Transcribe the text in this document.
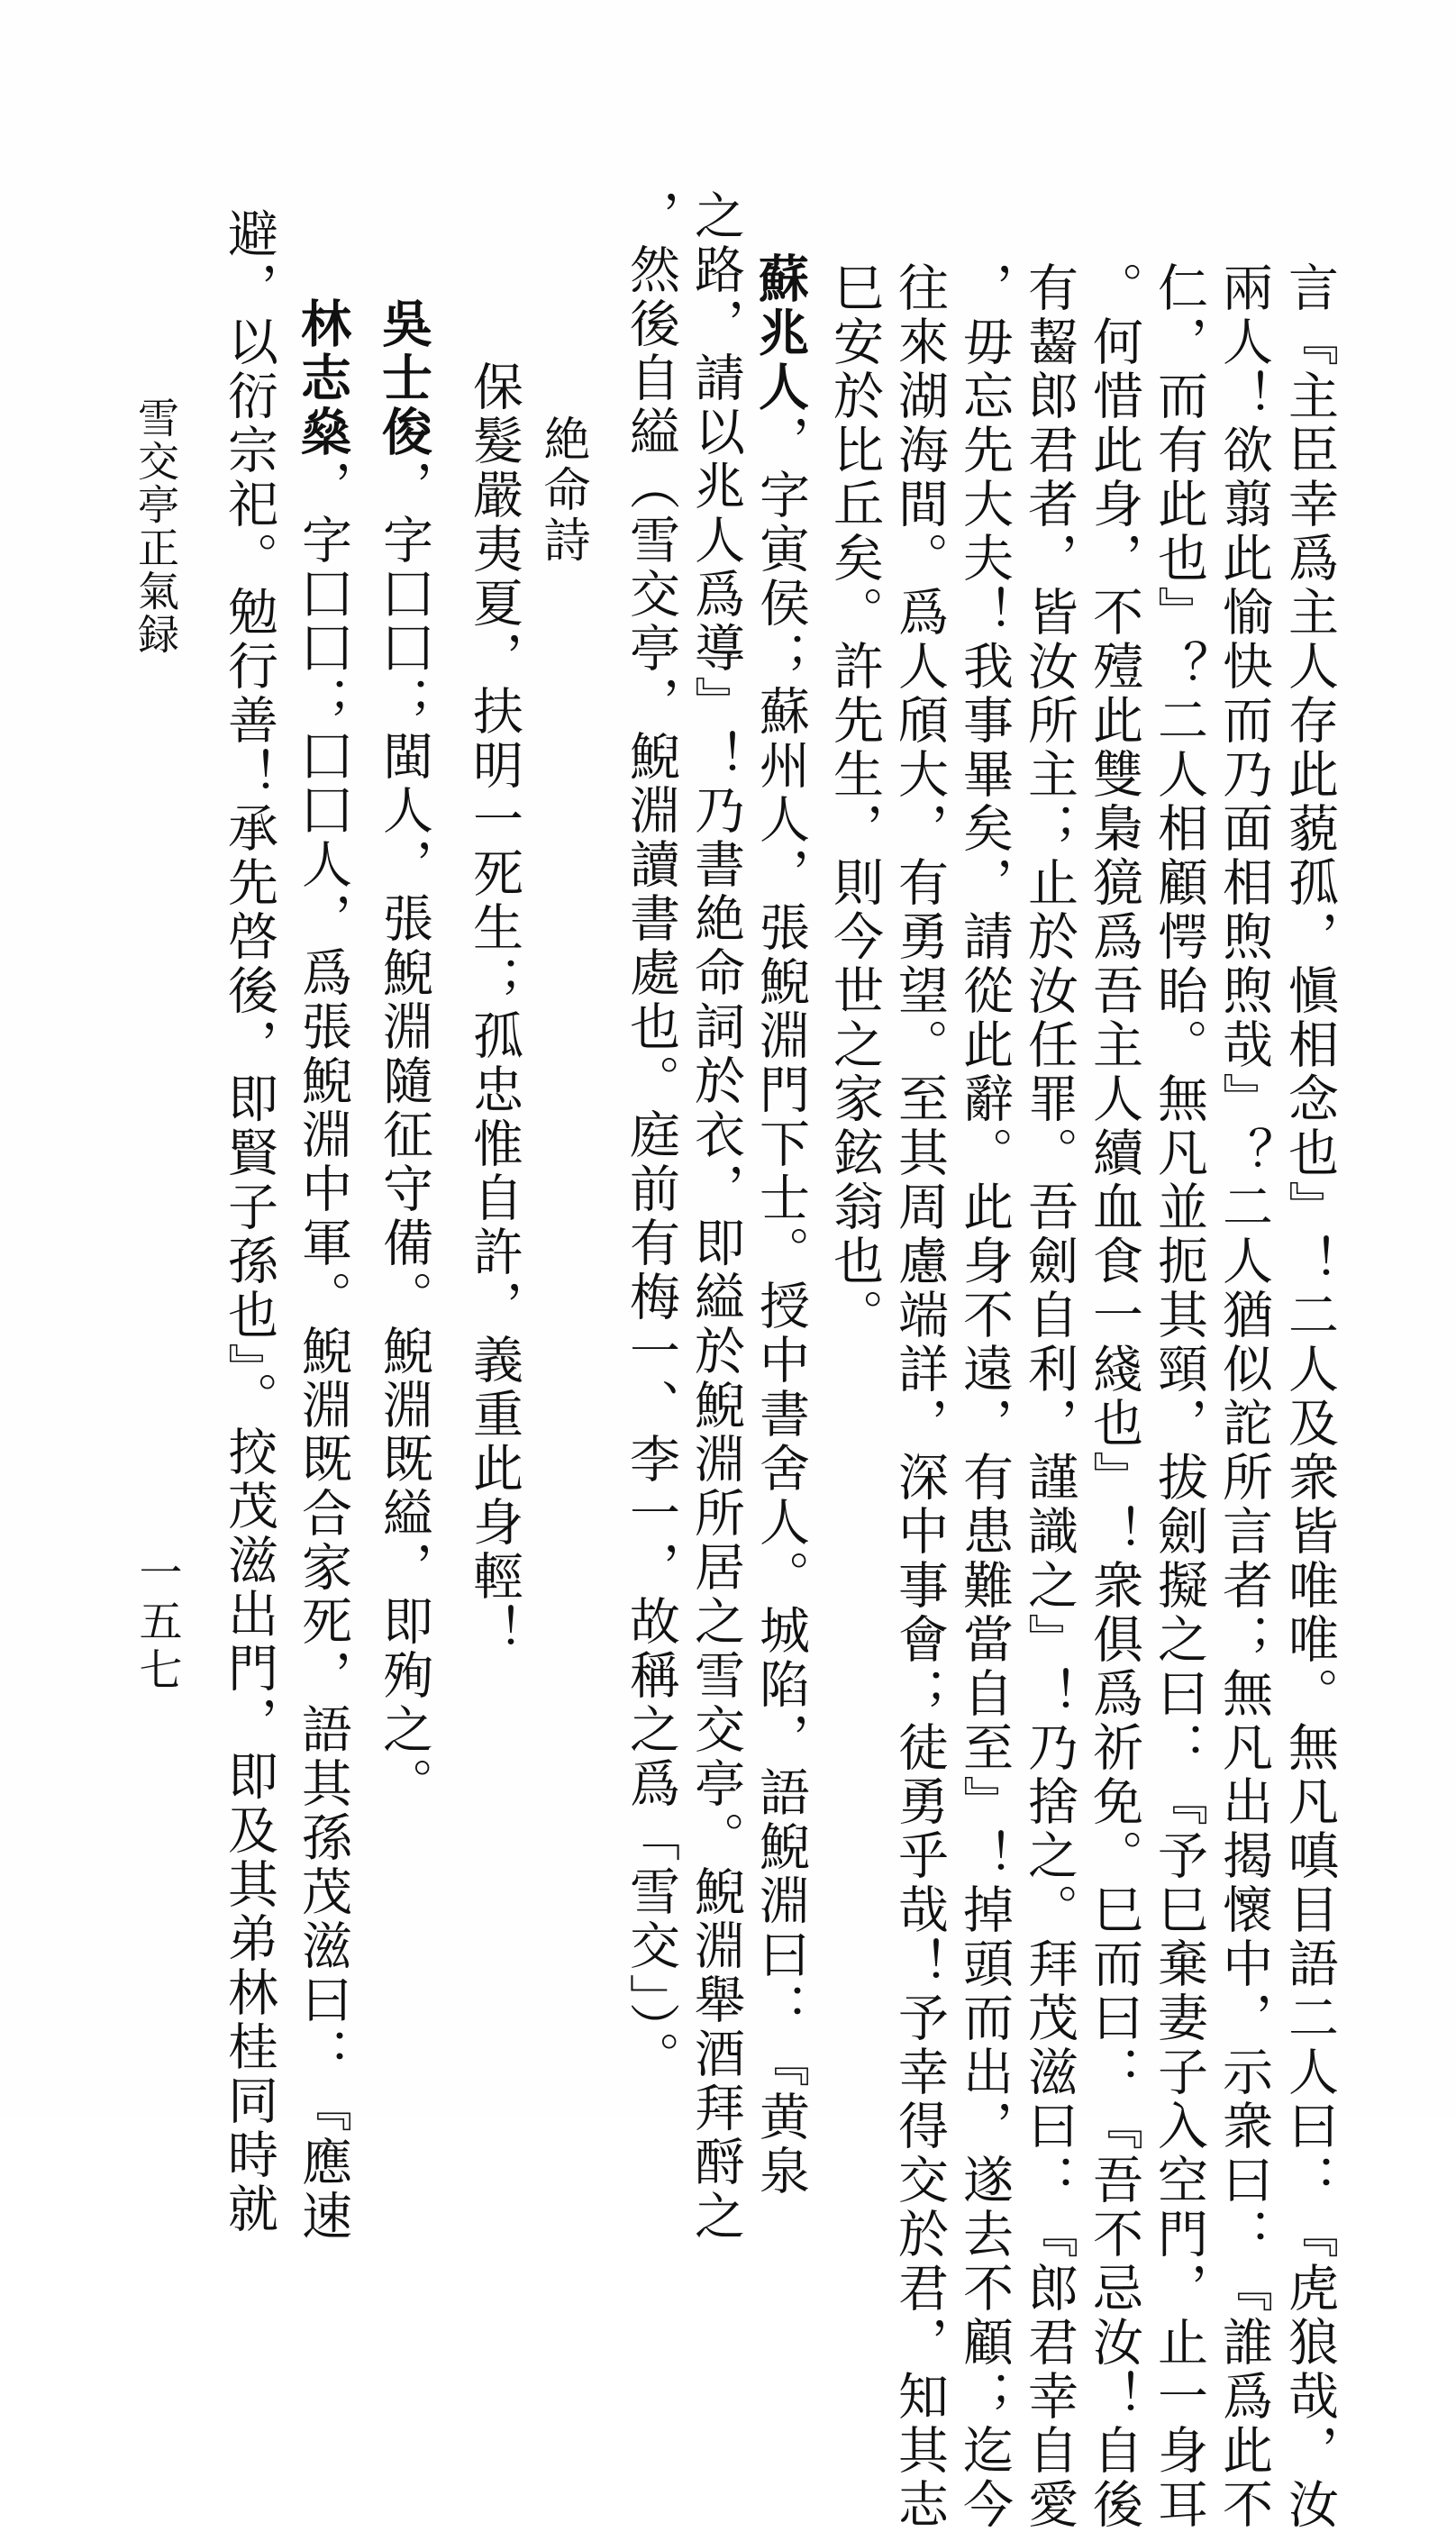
言『主臣幸爲主人存此藐孤，愼相念也』！二人及衆皆唯唯。無凡嗔目語二人曰：『虎狼哉，汝
兩人！欲翦此愉快而乃面相煦煦哉』？二人猶似詑所言者；無凡出揭懷中，示衆曰：『誰爲此不
仁，而有此也』？二人相顧愕眙。無凡並扼其頸，拔劍擬之曰：『予巳棄妻子入空門，止一身耳
。何惜此身，不殪此雙梟獍爲吾主人續血食一綫也』！衆俱爲祈免。巳而曰：『吾不忌汝！自後
有齧郎君者，皆汝所主；止於汝任罪。吾劍自利，謹識之』！乃捨之。拜茂滋曰：『郎君幸自愛
，毋忘先大夫！我事畢矣，請從此辭。此身不遠，有患難當自至』！掉頭而出，遂去不顧；迄今
往來湖海間。爲人頎大，有勇望。至其周慮端詳，深中事會；徒勇乎哉！予幸得交於君，知其志
巳安於比丘矣。許先生，則今世之家鉉翁也。
蘇兆人，字寅侯；蘇州人，張鯢淵門下士。授中書舍人。城陷，語鯢淵曰：『黄泉
之路，請以兆人爲導』！乃書絶命詞於衣，即縊於鯢淵所居之雪交亭。鯢淵舉酒拜酹之
，然後自縊（雪交亭，鯢淵讀書處也。庭前有梅一、李一，故稱之爲「雪交」）。
絶命詩
保髮嚴夷夏，扶明一死生；孤忠惟自許，義重此身輕！
吳士俊，字囗囗；閩人，張鯢淵隨征守備。鯢淵既縊，即殉之。
林志燊，字囗囗；囗囗人，爲張鯢淵中軍。鯢淵既合家死，語其孫茂滋曰：『應速
避，以衍宗祀。勉行善！承先啓後，即賢子孫也』。挍茂滋出門，即及其弟林桂同時就
雪交亭正氣録
一五七
